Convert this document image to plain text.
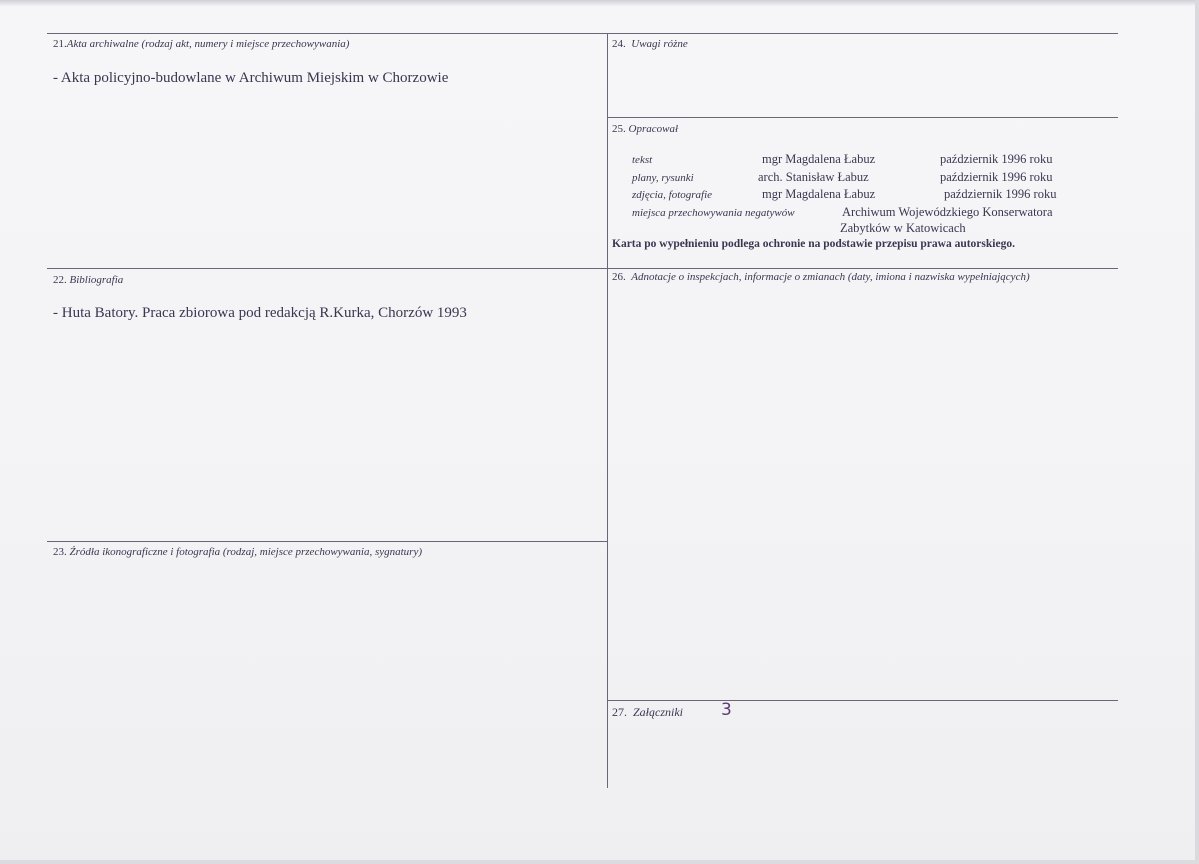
21.Akta archiwalne (rodzaj akt, numery i miejsce przechowywania)
- Akta policyjno-budowlane w Archiwum Miejskim w Chorzowie
24. Uwagi różne
25. Opracował
tekst	mgr Magdalena Łabuz	październik 1996 roku
plany, rysunki	arch. Stanisław Łabuz	październik 1996 roku
zdjęcia, fotografie	mgr Magdalena Łabuz	październik 1996 roku
miejsca przechowywania negatywów	Archiwum Wojewódzkiego Konserwatora
Zabytków w Katowicach
Karta po wypełnieniu podlega ochronie na podstawie przepisu prawa autorskiego.
22. Bibliografia
- Huta Batory. Praca zbiorowa pod redakcją R.Kurka, Chorzów 1993
26. Adnotacje o inspekcjach, informacje o zmianach (daty, imiona i nazwiska wypełniających)
23. Źródła ikonograficzne i fotografia (rodzaj, miejsce przechowywania, sygnatury)
27. Załączniki 3
